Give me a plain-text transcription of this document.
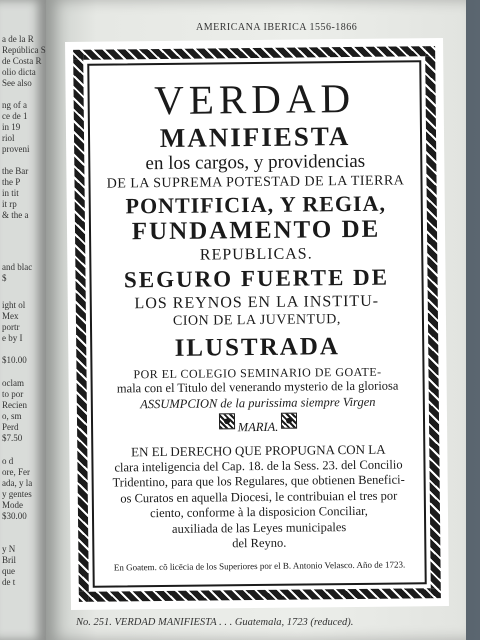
a de la R
República S
de Costa R
olio dicta
See also
ng of a
ce de 1
in 19
riol
proveni
the Bar
the P
in tit
it rp
& the a
and blac
$
ight ol
Mex
portr
e by I
$10.00
oclam
to por
Recien
o, sm
Perd
$7.50
o d
ore, Fer
ada, y la
y gentes
Mode
$30.00
y N
Bril
que
de t
AMERICANA IBERICA 1556-1866
VERDAD
MANIFIESTA
en los cargos, y providencias
DE LA SUPREMA POTESTAD DE LA TIERRA
PONTIFICIA, Y REGIA,
FUNDAMENTO DE
REPUBLICAS.
SEGURO FUERTE DE
LOS REYNOS EN LA INSTITU-
CION DE LA JUVENTUD,
ILUSTRADA
POR EL COLEGIO SEMINARIO DE GOATE-
mala con el Titulo del venerando mysterio de la gloriosa
ASSUMPCION de la purissima siempre Virgen
MARIA.
EN EL DERECHO QUE PROPUGNA CON LA
clara inteligencia del Cap. 18. de la Sess. 23. del Concilio
Tridentino, para que los Regulares, que obtienen Benefici-
os Curatos en aquella Diocesi, le contribuian el tres por
ciento, conforme à la disposicion Conciliar,
auxiliada de las Leyes municipales
del Reyno.
En Goatem. cõ licēcia de los Superiores por el B. Antonio Velasco. Año de 1723.
No. 251. VERDAD MANIFIESTA . . . Guatemala, 1723 (reduced).
